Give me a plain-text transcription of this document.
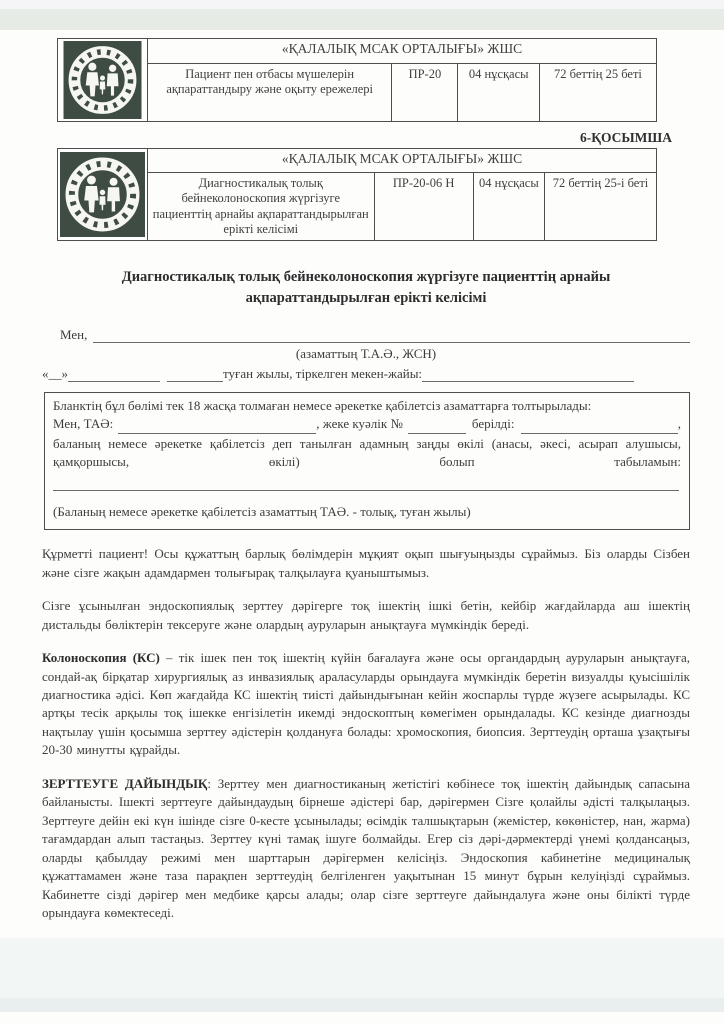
«ҚАЛАЛЫҚ МСАК ОРТАЛЫҒЫ» ЖШС
Пациент пен отбасы мүшелерін ақпараттандыру және оқыту ережелері	ПР-20	04 нұсқасы	72 беттің 25 беті
6-ҚОСЫМША
«ҚАЛАЛЫҚ МСАК ОРТАЛЫҒЫ» ЖШС
Диагностикалық толық бейнеколоноскопия жүргізуге пациенттің арнайы ақпараттандырылған ерікті келісімі	ПР-20-06 Н	04 нұсқасы	72 беттің 25-і беті
Диагностикалық толық бейнеколоноскопия жүргізуге пациенттің арнайы ақпараттандырылған ерікті келісімі
Мен,
(азаматтың Т.А.Ә., ЖСН)
«__»	туған жылы, тіркелген мекен-жайы:
Бланктің бұл бөлімі тек 18 жасқа толмаған немесе әрекетке қабілетсіз азаматтарға толтырылады:
Мен, ТАӘ:	, жеке куәлік №	берілді:	,
баланың немесе әрекетке қабілетсіз деп танылған адамның заңды өкілі (анасы, әкесі, асырап алушысы, қамқоршысы, өкілі) болып табыламын:
(Баланың немесе әрекетке қабілетсіз азаматтың ТАӘ. - толық, туған жылы)

Құрметті пациент! Осы құжаттың барлық бөлімдерін мұқият оқып шығуыңызды сұраймыз. Біз оларды Сізбен және сізге жақын адамдармен толығырақ талқылауға қуаныштымыз.

Сізге ұсынылған эндоскопиялық зерттеу дәрігерге тоқ ішектің ішкі бетін, кейбір жағдайларда аш ішектің дистальды бөліктерін тексеруге және олардың ауруларын анықтауға мүмкіндік береді.

Колоноскопия (КС) – тік ішек пен тоқ ішектің күйін бағалауға және осы органдардың ауруларын анықтауға, сондай-ақ бірқатар хирургиялық аз инвазиялық араласуларды орындауға мүмкіндік беретін визуалды қуысішілік диагностика әдісі. Көп жағдайда КС ішектің тиісті дайындығынан кейін жоспарлы түрде жүзеге асырылады. КС артқы тесік арқылы тоқ ішекке енгізілетін икемді эндоскоптың көмегімен орындалады. КС кезінде диагнозды нақтылау үшін қосымша зерттеу әдістерін қолдануға болады: хромоскопия, биопсия. Зерттеудің орташа ұзақтығы 20-30 минутты құрайды.

ЗЕРТТЕУГЕ ДАЙЫНДЫҚ: Зерттеу мен диагностиканың жетістігі көбінесе тоқ ішектің дайындық сапасына байланысты. Ішекті зерттеуге дайындаудың бірнеше әдістері бар, дәрігермен Сізге қолайлы әдісті талқылаңыз. Зерттеуге дейін екі күн ішінде сізге 0-кесте ұсынылады; өсімдік талшықтарын (жемістер, көкөністер, нан, жарма) тағамдардан алып тастаңыз. Зерттеу күні тамақ ішуге болмайды. Егер сіз дәрі-дәрмектерді үнемі қолдансаңыз, оларды қабылдау режимі мен шарттарын дәрігермен келісіңіз. Эндоскопия кабинетіне медициналық құжаттамамен және таза парақпен зерттеудің белгіленген уақытынан 15 минут бұрын келуіңізді сұраймыз. Кабинетте сізді дәрігер мен медбике қарсы алады; олар сізге зерттеуге дайындалуға және оны білікті түрде орындауға көмектеседі.
